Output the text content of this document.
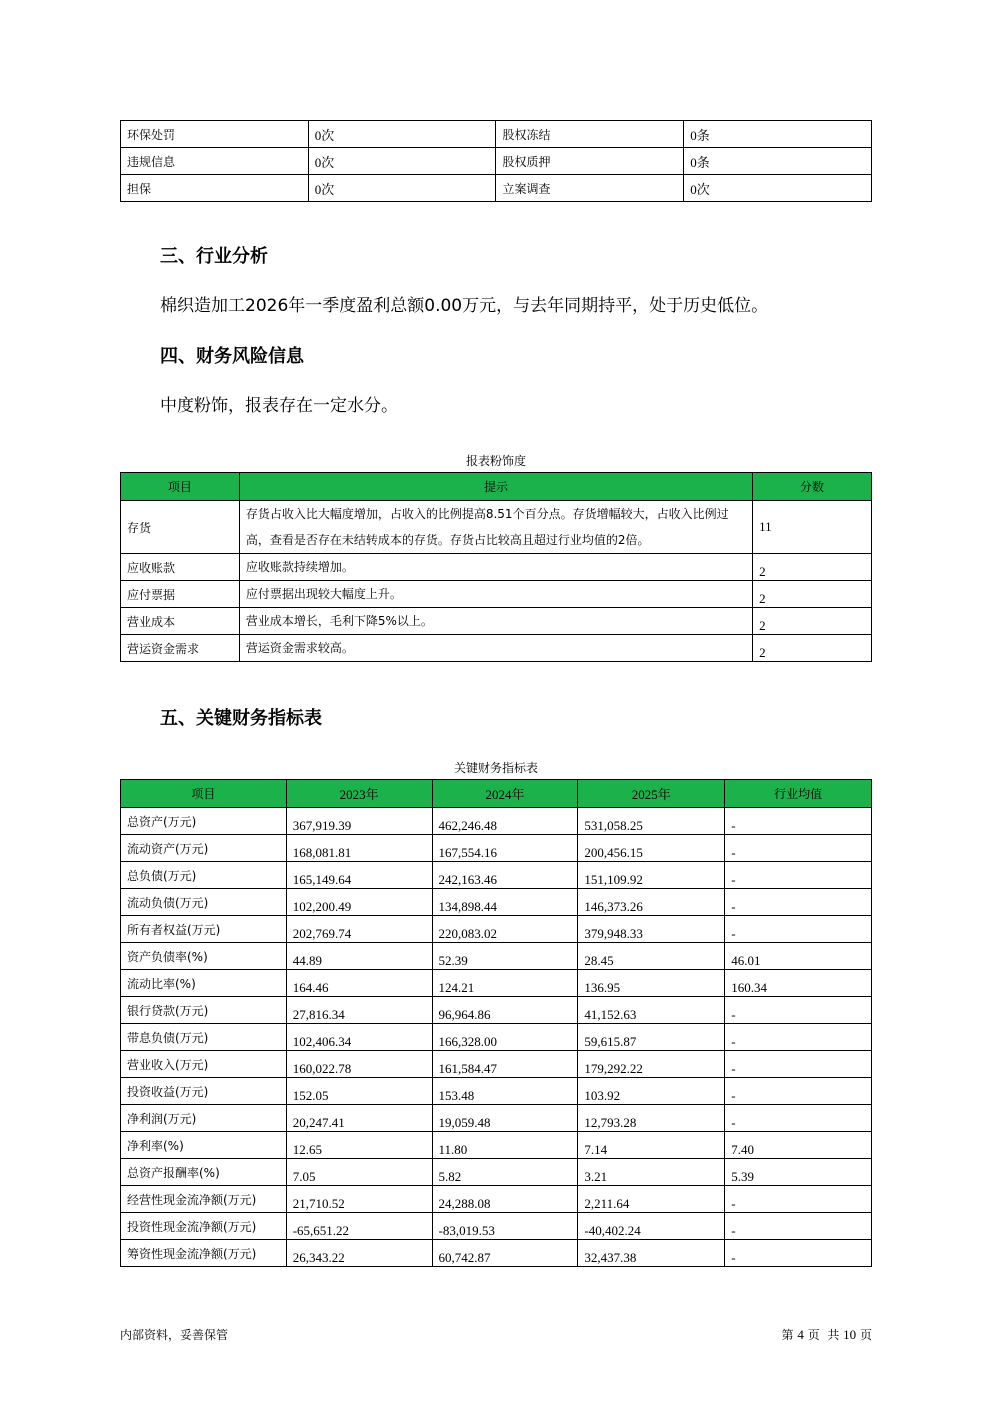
环保处罚	0次	股权冻结	0条
违规信息	0次	股权质押	0条
担保	0次	立案调查	0次
三、行业分析

棉织造加工2026年一季度盈利总额0.00万元，与去年同期持平，处于历史低位。

四、财务风险信息

中度粉饰，报表存在一定水分。

报表粉饰度
项目	提示	分数
存货	存货占收入比大幅度增加，占收入的比例提高8.51个百分点。存货增幅较大，占收入比例过高，查看是否存在未结转成本的存货。存货占比较高且超过行业均值的2倍。	11
应收账款	应收账款持续增加。	2
应付票据	应付票据出现较大幅度上升。	2
营业成本	营业成本增长，毛利下降5%以上。	2
营运资金需求	营运资金需求较高。	2
五、关键财务指标表
关键财务指标表
项目	2023年	2024年	2025年	行业均值
总资产(万元)	367,919.39	462,246.48	531,058.25	-
流动资产(万元)	168,081.81	167,554.16	200,456.15	-
总负债(万元)	165,149.64	242,163.46	151,109.92	-
流动负债(万元)	102,200.49	134,898.44	146,373.26	-
所有者权益(万元)	202,769.74	220,083.02	379,948.33	-
资产负债率(%)	44.89	52.39	28.45	46.01
流动比率(%)	164.46	124.21	136.95	160.34
银行贷款(万元)	27,816.34	96,964.86	41,152.63	-
带息负债(万元)	102,406.34	166,328.00	59,615.87	-
营业收入(万元)	160,022.78	161,584.47	179,292.22	-
投资收益(万元)	152.05	153.48	103.92	-
净利润(万元)	20,247.41	19,059.48	12,793.28	-
净利率(%)	12.65	11.80	7.14	7.40
总资产报酬率(%)	7.05	5.82	3.21	5.39
经营性现金流净额(万元)	21,710.52	24,288.08	2,211.64	-
投资性现金流净额(万元)	-65,651.22	-83,019.53	-40,402.24	-
筹资性现金流净额(万元)	26,343.22	60,742.87	32,437.38	-
内部资料，妥善保管	第 4 页  共 10 页
